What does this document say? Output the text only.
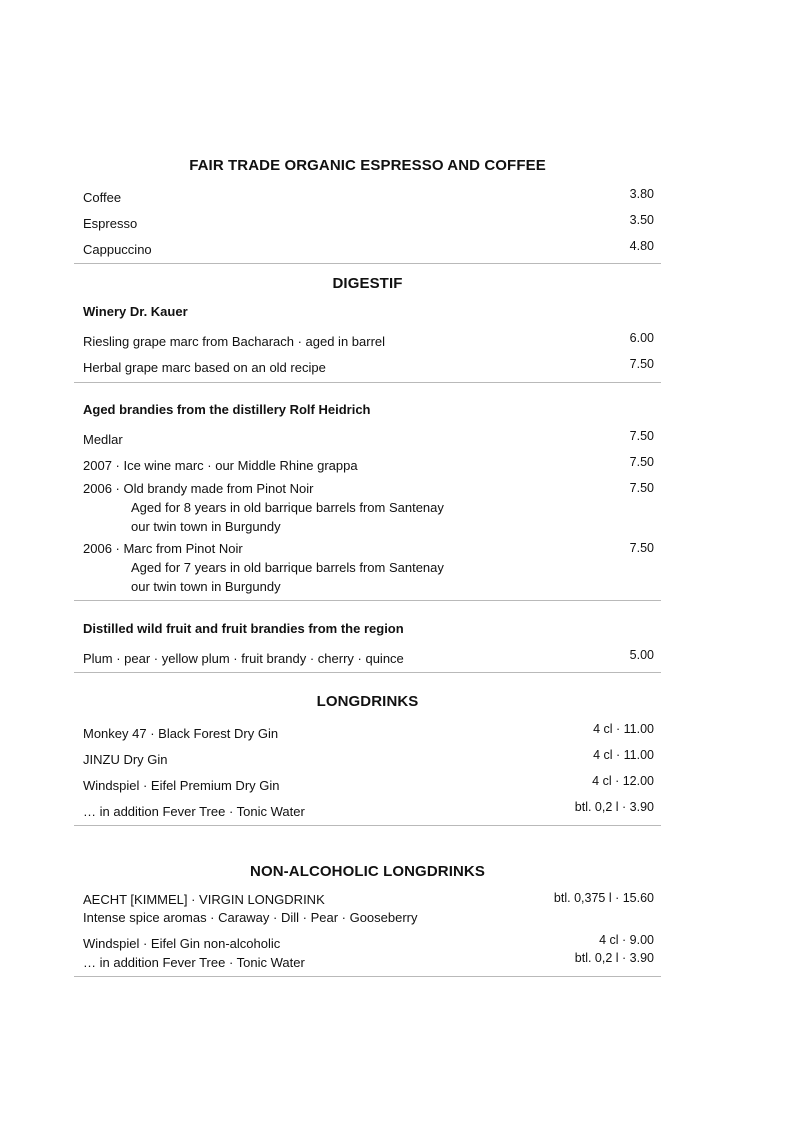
FAIR TRADE ORGANIC ESPRESSO AND COFFEE
Coffee	3.80
Espresso	3.50
Cappuccino	4.80
DIGESTIF
Winery Dr. Kauer
Riesling grape marc from Bacharach · aged in barrel	6.00
Herbal grape marc based on an old recipe	7.50
Aged brandies from the distillery Rolf Heidrich
Medlar	7.50
2007 · Ice wine marc · our Middle Rhine grappa	7.50
2006 · Old brandy made from Pinot Noir	7.50
Aged for 8 years in old barrique barrels from Santenay
our twin town in Burgundy
2006 · Marc from Pinot Noir	7.50
Aged for 7 years in old barrique barrels from Santenay
our twin town in Burgundy
Distilled wild fruit and fruit brandies from the region
Plum · pear · yellow plum · fruit brandy · cherry · quince	5.00
LONGDRINKS
Monkey 47 · Black Forest Dry Gin	4 cl · 11.00
JINZU Dry Gin	4 cl · 11.00
Windspiel · Eifel Premium Dry Gin	4 cl · 12.00
… in addition Fever Tree · Tonic Water	btl. 0,2 l · 3.90
NON-ALCOHOLIC LONGDRINKS
AECHT [KIMMEL] · VIRGIN LONGDRINK	btl. 0,375 l · 15.60
Intense spice aromas · Caraway · Dill · Pear · Gooseberry
Windspiel · Eifel Gin non-alcoholic	4 cl · 9.00
… in addition Fever Tree · Tonic Water	btl. 0,2 l · 3.90
